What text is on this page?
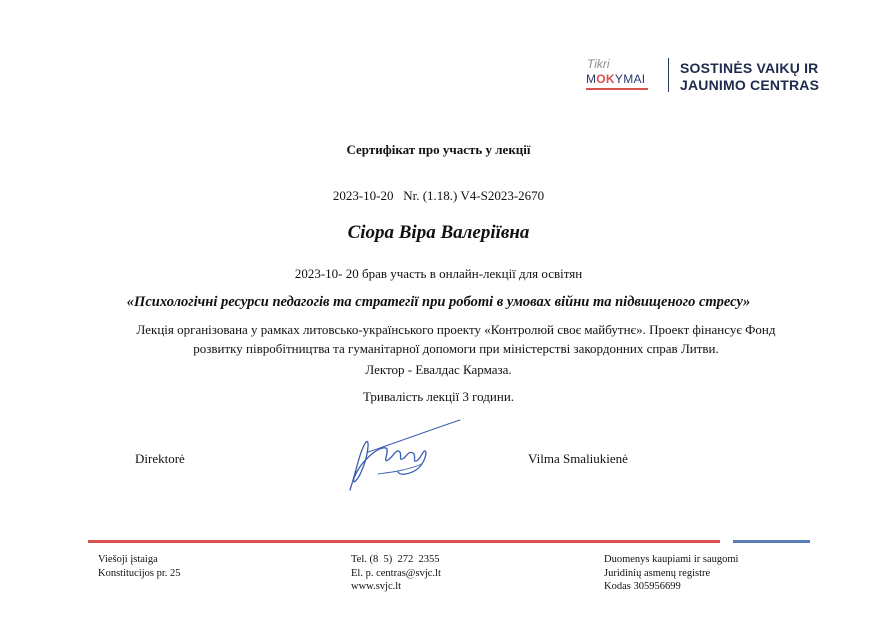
Tikri
MOKYMAI
SOSTINĖS VAIKŲ IR
JAUNIMO CENTRAS
Сертифікат про участь у лекції
2023-10-20   Nr. (1.18.) V4-S2023-2670
Сіора Віра Валеріївна
2023-10- 20 брав участь в онлайн-лекції для освітян
«Психологічні ресурси педагогів та стратегії при роботі в умовах війни та підвищеного стресу»
Лекція організована у рамках литовсько-українського проекту «Контролюй своє майбутнє». Проект фінансує Фонд
розвитку півробітництва та гуманітарної допомоги при міністерстві закордонних справ Литви.
Лектор - Евалдас Кармаза.
Тривалість лекції 3 години.
Direktorė	Vilma Smaliukienė
Viešoji įstaiga
Konstitucijos pr. 25
Tel. (8  5)  272  2355
El. p. centras@svjc.lt
www.svjc.lt
Duomenys kaupiami ir saugomi
Juridinių asmenų registre
Kodas 305956699
